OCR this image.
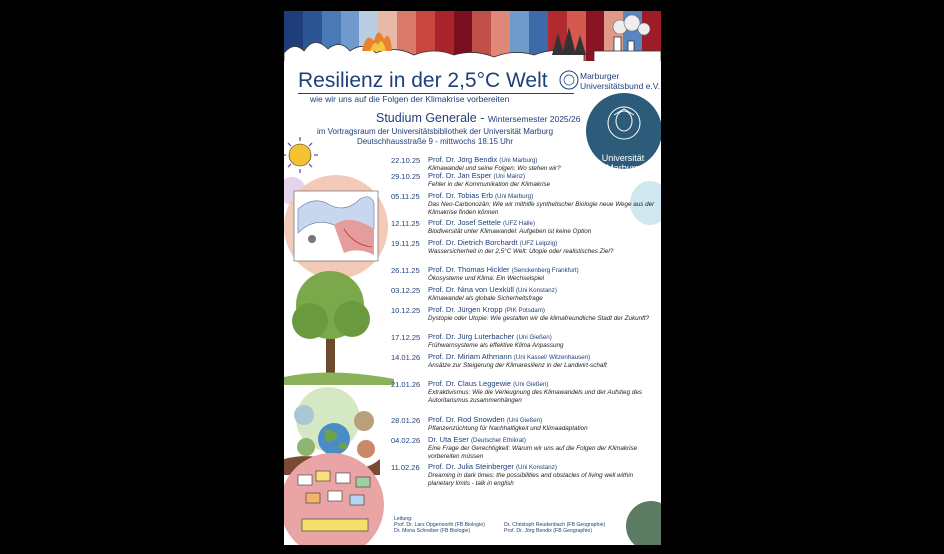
Resilienz in der 2,5°C Welt
wie wir uns auf die Folgen der Klimakrise vorbereiten
Marburger
Universitätsbund e.V.
Studium Generale - Wintersemester 2025/26
im Vortragsraum der Universitätsbibliothek der Universität Marburg
Deutschhausstraße 9 - mittwochs 18.15 Uhr
Universität
Marburg
22.10.25	Prof. Dr. Jörg Bendix (Uni Marburg)
Klimawandel und seine Folgen: Wo stehen wir?
29.10.25	Prof. Dr. Jan Esper (Uni Mainz)
Fehler in der Kommunikation der Klimakrise
05.11.25	Prof. Dr. Tobias Erb (Uni Marburg)
Das Neo-Carbonozän: Wie wir mithilfe synthetischer Biologie neue Wege aus der Klimakrise finden können
12.11.25	Prof. Dr. Josef Settele (UFZ Halle)
Biodiversität unter Klimawandel: Aufgeben ist keine Option
19.11.25	Prof. Dr. Dietrich Borchardt (UFZ Leipzig)
Wassersicherheit in der 2,5°C Welt: Utopie oder realistisches Ziel?
26.11.25	Prof. Dr. Thomas Hickler (Senckenberg Frankfurt)
Ökosysteme und Klima: Ein Wechselspiel
03.12.25	Prof. Dr. Nina von Uexküll (Uni Konstanz)
Klimawandel als globale Sicherheitsfrage
10.12.25	Prof. Dr. Jürgen Kropp (PIK Potsdam)
Dystopie oder Utopie: Wie gestalten wir die klimafreundliche Stadt der Zukunft?
17.12.25	Prof. Dr. Jürg Luterbacher (Uni Gießen)
Frühwarnsysteme als effektive Klima Anpassung
14.01.26	Prof. Dr. Miriam Athmann (Uni Kassel/ Witzenhausen)
Ansätze zur Steigerung der Klimaresilienz in der Landwirt-schaft
21.01.26	Prof. Dr. Claus Leggewie (Uni Gießen)
Extraktivismus: Wie die Verleugnung des Klimawandels und der Aufstieg des Autoritarismus zusammenhängen
28.01.26	Prof. Dr. Rod Snowden (Uni Gießen)
Pflanzenzüchtung für Nachhaltigkeit und Klimaadaptation
04.02.26	Dr. Uta Eser (Deutscher Ethikrat)
Eine Frage der Gerechtigkeit: Warum wir uns auf die Folgen der Klimakrise vorbereiten müssen
11.02.26	Prof. Dr. Julia Steinberger (Uni Konstanz)
Dreaming in dark times: the possibilities and obstacles of living well within planetary limits - talk in english
Leitung:
Prof. Dr. Lars Opgenoorth (FB Biologie)
Dr. Mona Schreiber (FB Biologie)
Dr. Christoph Reudenbach (FB Geographie)
Prof. Dr. Jörg Bendix (FB Geographie)
